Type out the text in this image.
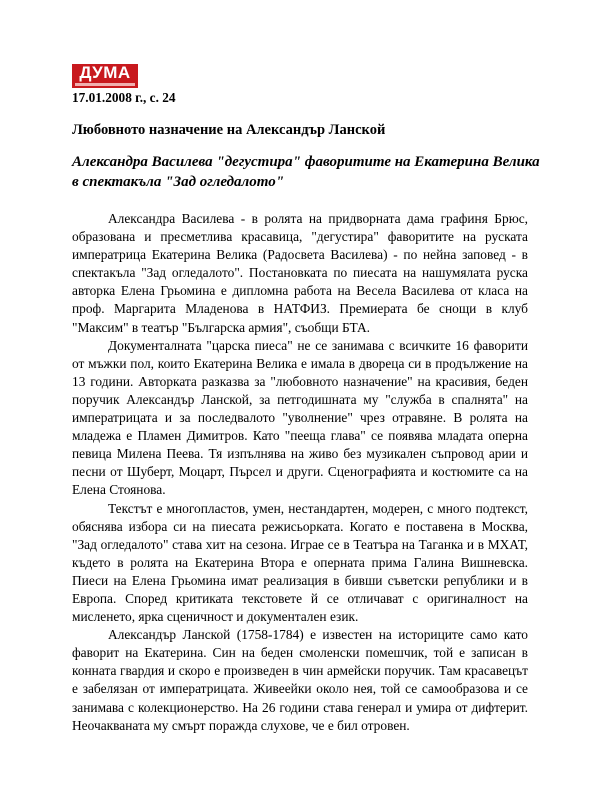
ДУМА
17.01.2008 г., с. 24
Любовното назначение на Александър Ланской
Александра Василева "дегустира" фаворитите на Екатерина Велика в спектакъла "Зад огледалото"

Александра Василева - в ролята на придворната дама графиня Брюс, образована и пресметлива красавица, "дегустира" фаворитите на руската императрица Екатерина Велика (Радосвета Василева) - по нейна заповед - в спектакъла "Зад огледалото". Постановката по пиесата на нашумялата руска авторка Елена Грьомина е дипломна работа на Весела Василева от класа на проф. Маргарита Младенова в НАТФИЗ. Премиерата бе снощи в клуб "Максим" в театър "Българска армия", съобщи БТА.

Документалната "царска пиеса" не се занимава с всичките 16 фаворити от мъжки пол, които Екатерина Велика е имала в двореца си в продължение на 13 години. Авторката разказва за "любовното назначение" на красивия, беден поручик Александър Ланской, за петгодишната му "служба в спалнята" на императрицата и за последвалото "уволнение" чрез отравяне. В ролята на младежа е Пламен Димитров. Като "пееща глава" се появява младата оперна певица Милена Пеева. Тя изпълнява на живо без музикален съпровод арии и песни от Шуберт, Моцарт, Пърсел и други. Сценографията и костюмите са на Елена Стоянова.

Текстът е многопластов, умен, нестандартен, модерен, с много подтекст, обяснява избора си на пиесата режисьорката. Когато е поставена в Москва, "Зад огледалото" става хит на сезона. Играе се в Театъра на Таганка и в МХАТ, където в ролята на Екатерина Втора е оперната прима Галина Вишневска. Пиеси на Елена Грьомина имат реализация в бивши съветски републики и в Европа. Според критиката текстовете й се отличават с оригиналност на мисленето, ярка сценичност и документален език.

Александър Ланской (1758-1784) е известен на историците само като фаворит на Екатерина. Син на беден смоленски помешчик, той е записан в конната гвардия и скоро е произведен в чин армейски поручик. Там красавецът е забелязан от императрицата. Живеейки около нея, той се самообразова и се занимава с колекционерство. На 26 години става генерал и умира от дифтерит. Неочакваната му смърт поражда слухове, че е бил отровен.
